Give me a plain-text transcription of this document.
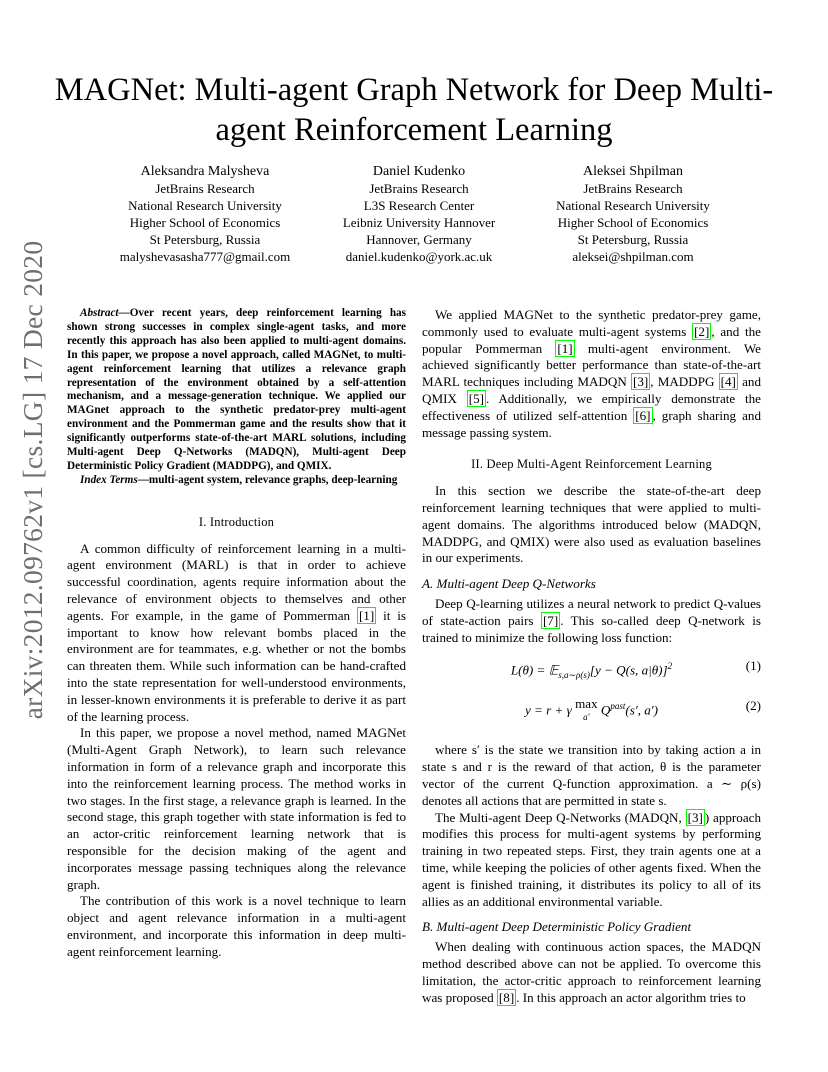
arXiv:2012.09762v1 [cs.LG] 17 Dec 2020
MAGNet: Multi-agent Graph Network for Deep Multi-agent Reinforcement Learning
Aleksandra Malysheva
JetBrains Research
National Research University
Higher School of Economics
St Petersburg, Russia
malyshevasasha777@gmail.com
Daniel Kudenko
JetBrains Research
L3S Research Center
Leibniz University Hannover
Hannover, Germany
daniel.kudenko@york.ac.uk
Aleksei Shpilman
JetBrains Research
National Research University
Higher School of Economics
St Petersburg, Russia
aleksei@shpilman.com

Abstract—Over recent years, deep reinforcement learning has shown strong successes in complex single-agent tasks, and more recently this approach has also been applied to multi-agent domains. In this paper, we propose a novel approach, called MAGNet, to multi-agent reinforcement learning that utilizes a relevance graph representation of the environment obtained by a self-attention mechanism, and a message-generation technique. We applied our MAGnet approach to the synthetic predator-prey multi-agent environment and the Pommerman game and the results show that it significantly outperforms state-of-the-art MARL solutions, including Multi-agent Deep Q-Networks (MADQN), Multi-agent Deep Deterministic Policy Gradient (MADDPG), and QMIX.

Index Terms—multi-agent system, relevance graphs, deep-learning

I. Introduction

A common difficulty of reinforcement learning in a multi-agent environment (MARL) is that in order to achieve successful coordination, agents require information about the relevance of environment objects to themselves and other agents. For example, in the game of Pommerman [1] it is important to know how relevant bombs placed in the environment are for teammates, e.g. whether or not the bombs can threaten them. While such information can be hand-crafted into the state representation for well-understood environments, in lesser-known environments it is preferable to derive it as part of the learning process.

In this paper, we propose a novel method, named MAGNet (Multi-Agent Graph Network), to learn such relevance information in form of a relevance graph and incorporate this into the reinforcement learning process. The method works in two stages. In the first stage, a relevance graph is learned. In the second stage, this graph together with state information is fed to an actor-critic reinforcement learning network that is responsible for the decision making of the agent and incorporates message passing techniques along the relevance graph.

The contribution of this work is a novel technique to learn object and agent relevance information in a multi-agent environment, and incorporate this information in deep multi-agent reinforcement learning.

We applied MAGNet to the synthetic predator-prey game, commonly used to evaluate multi-agent systems [2] , and the popular Pommerman [1] multi-agent environment. We achieved significantly better performance than state-of-the-art MARL techniques including MADQN [3] , MADDPG [4] and QMIX [5] . Additionally, we empirically demonstrate the effectiveness of utilized self-attention [6] , graph sharing and message passing system.

II. Deep Multi-Agent Reinforcement Learning

In this section we describe the state-of-the-art deep reinforcement learning techniques that were applied to multi-agent domains. The algorithms introduced below (MADQN, MADDPG, and QMIX) were also used as evaluation baselines in our experiments.

A. Multi-agent Deep Q-Networks

Deep Q-learning utilizes a neural network to predict Q-values of state-action pairs [7] . This so-called deep Q-network is trained to minimize the following loss function:

L(θ) = 𝔼$_{s,a\sim\rho(s)}$[y − Q(s, a|θ)]$^2$	(1)
y = r + γ max
a′ $Q^{past}(s'$, a′)	(2)

where s′ is the state we transition into by taking action a in state s and r is the reward of that action, θ is the parameter vector of the current Q-function approximation. a ∼ ρ(s) denotes all actions that are permitted in state s.

The Multi-agent Deep Q-Networks (MADQN, [3] ) approach modifies this process for multi-agent systems by performing training in two repeated steps. First, they train agents one at a time, while keeping the policies of other agents fixed. When the agent is finished training, it distributes its policy to all of its allies as an additional environmental variable.

B. Multi-agent Deep Deterministic Policy Gradient

When dealing with continuous action spaces, the MADQN method described above can not be applied. To overcome this limitation, the actor-critic approach to reinforcement learning was proposed [8] . In this approach an actor algorithm tries to
